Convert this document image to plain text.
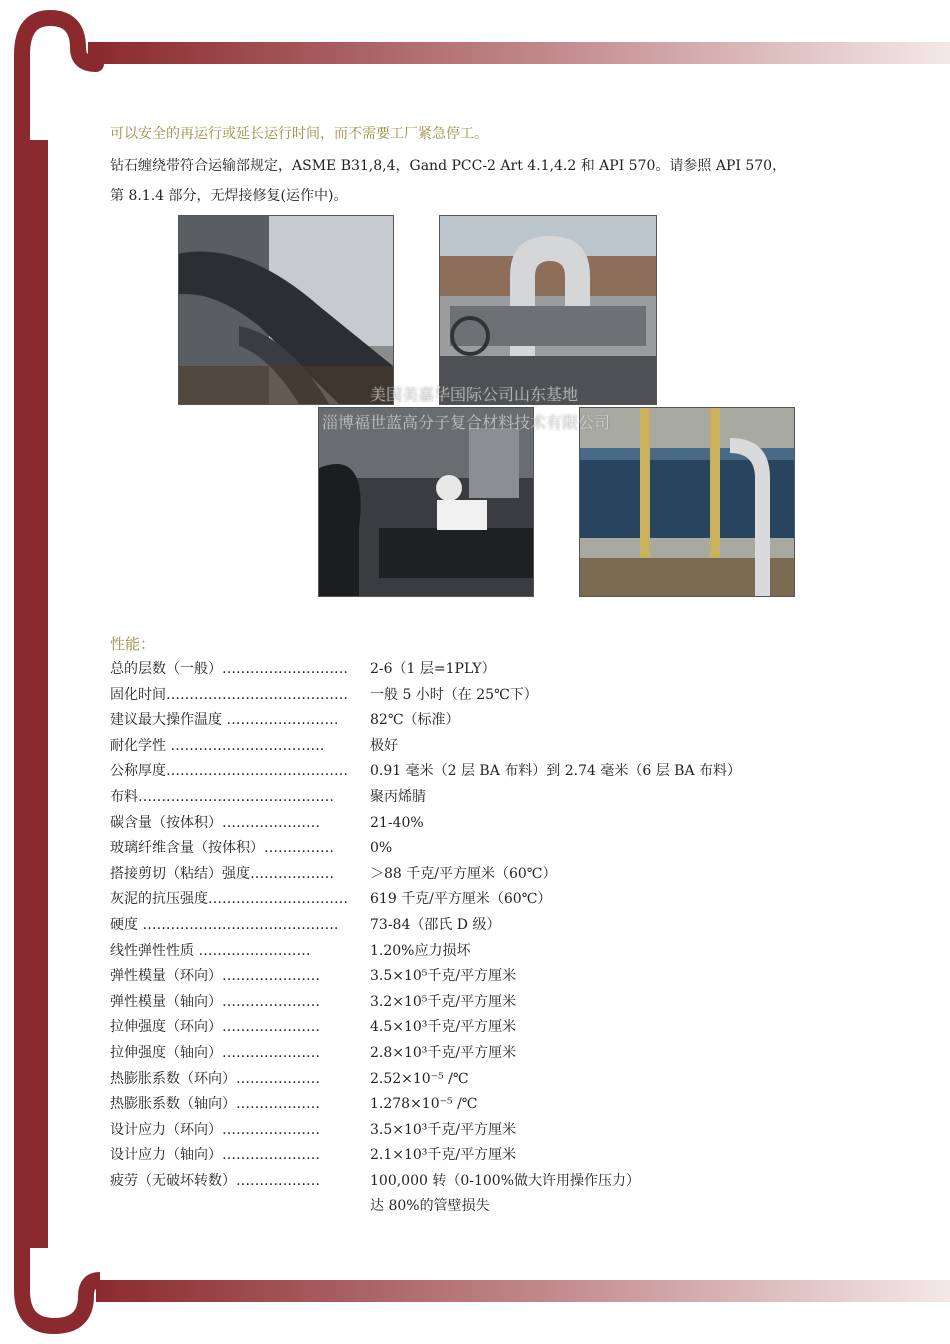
可以安全的再运行或延长运行时间，而不需要工厂紧急停工。
钻石缠绕带符合运输部规定，ASME B31,8,4，Gand PCC-2 Art 4.1,4.2 和 API 570。请参照 API 570，
第 8.1.4 部分，无焊接修复(运作中)。
美国美嘉华国际公司山东基地
淄博福世蓝高分子复合材料技术有限公司
性能：
总的层数（一般）……………………… 2-6（1 层=1PLY）
固化时间………………………………… 一般 5 小时（在 25℃下）
建议最大操作温度 …………………… 82℃（标准）
耐化学性 ……………………………	极好
公称厚度………………………………… 0.91 毫米（2 层 BA 布料）到 2.74 毫米（6 层 BA 布料）
布料……………………………………	聚丙烯腈
碳含量（按体积）…………………	21-40%
玻璃纤维含量（按体积）……………	0%
搭接剪切（粘结）强度………………	＞88 千克/平方厘米（60℃）
灰泥的抗压强度………………………… 619 千克/平方厘米（60℃）
硬度 …………………………………… 73-84（邵氏 D 级）
线性弹性性质 ……………………	1.20%应力损坏
弹性模量（环向）…………………	3.5×10⁵千克/平方厘米
弹性模量（轴向）…………………	3.2×10⁵千克/平方厘米
拉伸强度（环向）…………………	4.5×10³千克/平方厘米
拉伸强度（轴向）…………………	2.8×10³千克/平方厘米
热膨胀系数（环向）………………	2.52×10⁻⁵ /℃
热膨胀系数（轴向）………………	1.278×10⁻⁵ /℃
设计应力（环向）…………………	3.5×10³千克/平方厘米
设计应力（轴向）…………………	2.1×10³千克/平方厘米
疲劳（无破坏转数）………………	100,000 转（0-100%做大许用操作压力）
达 80%的管壁损失
